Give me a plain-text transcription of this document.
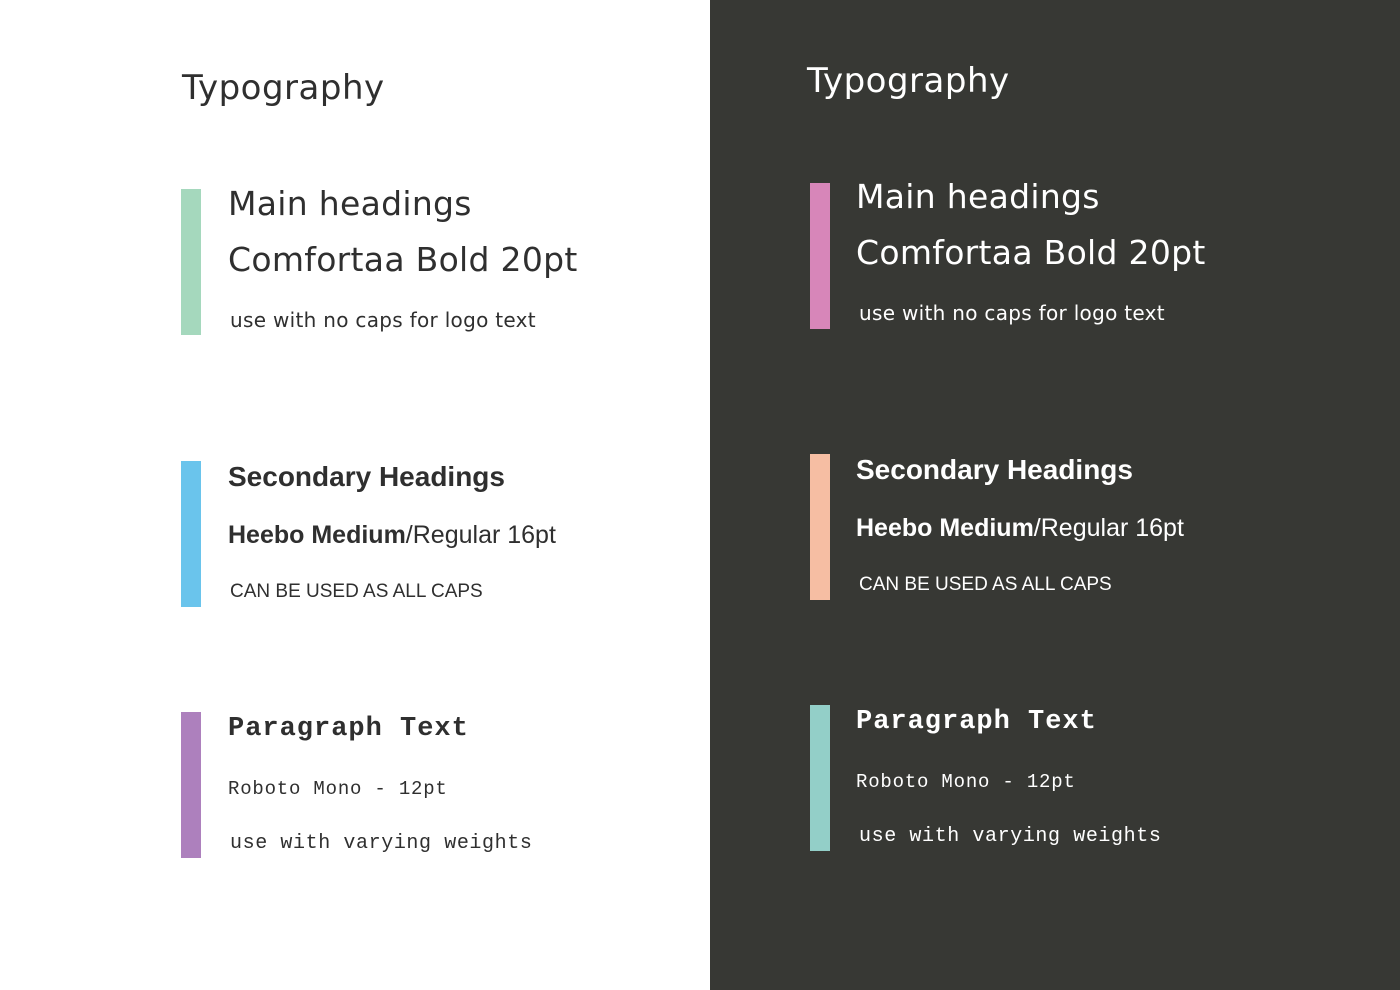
Typography

Main headings

Comfortaa Bold 20pt

use with no caps for logo text

Secondary Headings

Heebo Medium/Regular 16pt

CAN BE USED AS ALL CAPS

Paragraph Text

Roboto Mono - 12pt

use with varying weights

Typography

Main headings

Comfortaa Bold 20pt

use with no caps for logo text

Secondary Headings

Heebo Medium/Regular 16pt

CAN BE USED AS ALL CAPS

Paragraph Text

Roboto Mono - 12pt

use with varying weights
